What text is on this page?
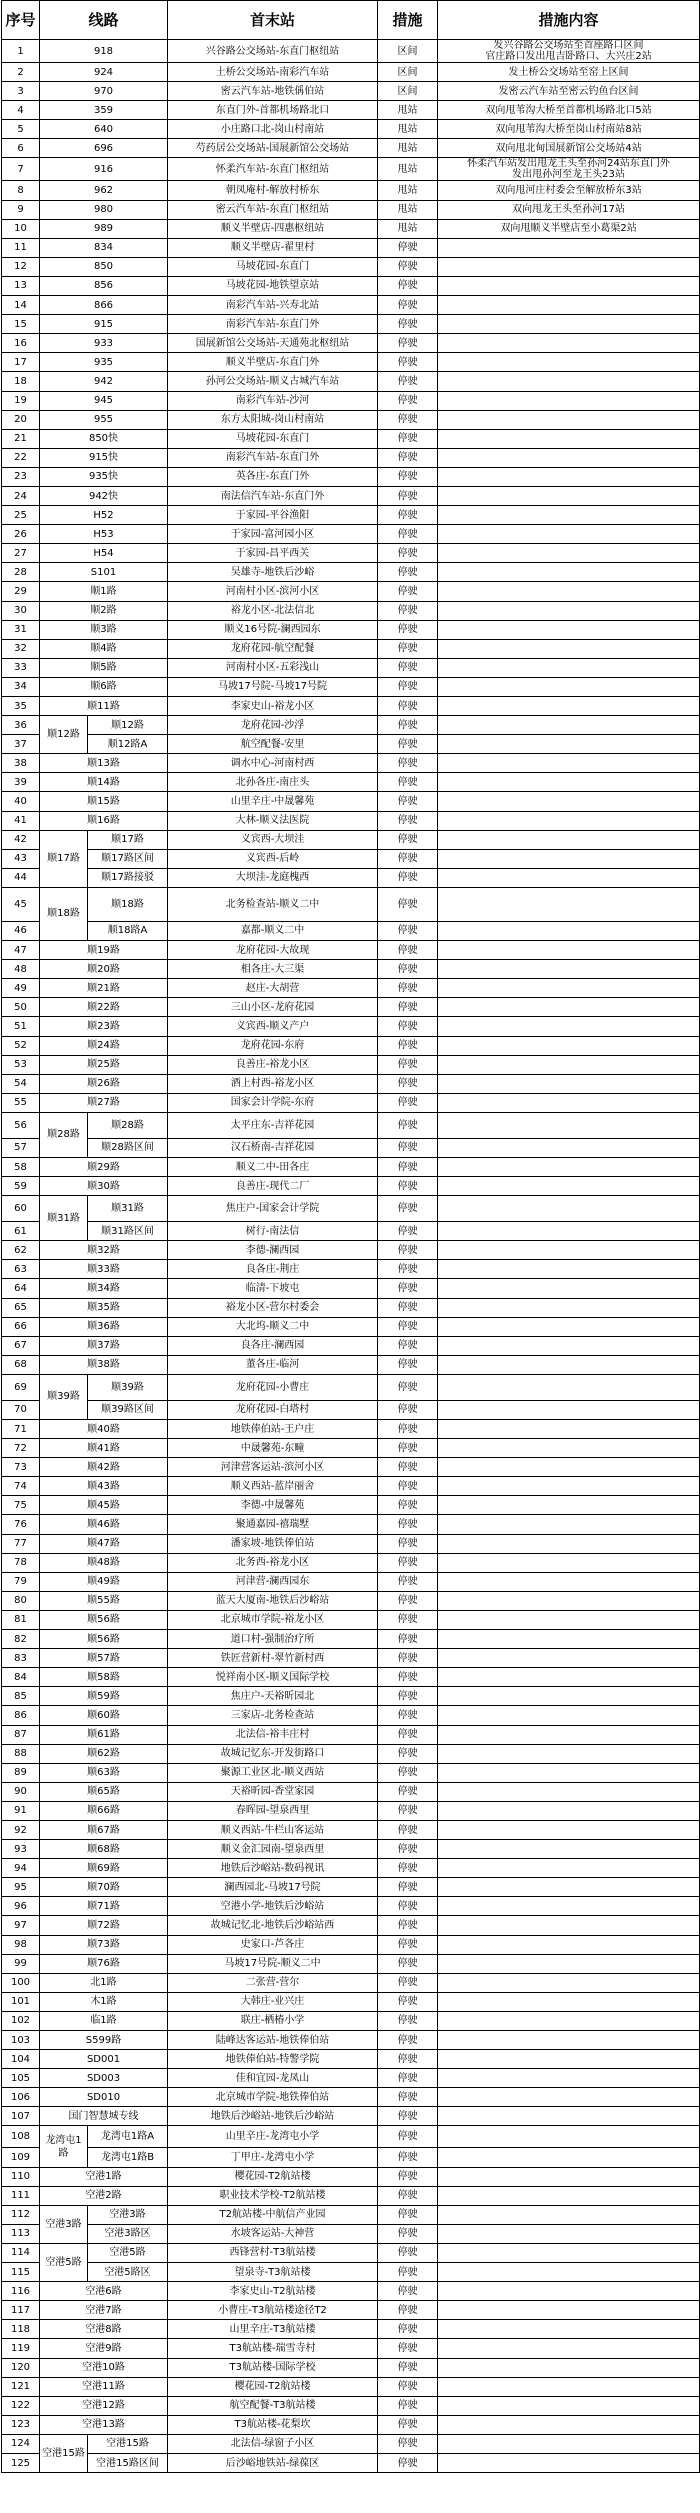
序号	线路		首末站	措施	措施内容
1	918		兴谷路公交场站-东直门枢纽站	区间	发兴谷路公交场站至首座路口区间
官庄路口发出甩吉卧路口、大兴庄2站
2	924		土桥公交场站-南彩汽车站	区间	发土桥公交场站至窑上区间
3	970		密云汽车站-地铁偁伯站	区间	发密云汽车站至密云钓鱼台区间
4	359		东直门外-首都机场路北口	甩站	双向甩苇沟大桥至首都机场路北口5站
5	640		小庄路口北-岗山村南站	甩站	双向甩苇沟大桥至岗山村南站8站
6	696		芍药居公交场站-国展新馆公交场站	甩站	双向甩北甸国展新馆公交场站4站
7	916		怀柔汽车站-东直门枢纽站	甩站	怀柔汽车站发出甩龙王头至孙河24站东直门外
发出甩孙河至龙王头23站
8	962		朝凤庵村-解放村桥东	甩站	双向甩河庄村委会至解放桥东3站
9	980		密云汽车站-东直门枢纽站	甩站	双向甩龙王头至孙河17站
10	989		顺义半壁店-四惠枢纽站	甩站	双向甩顺义半壁店至小葛渠2站
11	834		顺义半壁店-翟里村	停驶	
12	850		马坡花园-东直门	停驶	
13	856		马坡花园-地铁望京站	停驶	
14	866		南彩汽车站-兴寿北站	停驶	
15	915		南彩汽车站-东直门外	停驶	
16	933		国展新馆公交场站-天通苑北枢纽站	停驶	
17	935		顺义半壁店-东直门外	停驶	
18	942		孙河公交场站-顺义古城汽车站	停驶	
19	945		南彩汽车站-沙河	停驶	
20	955		东方太阳城-岗山村南站	停驶	
21	850快		马坡花园-东直门	停驶	
22	915快		南彩汽车站-东直门外	停驶	
23	935快		英各庄-东直门外	停驶	
24	942快		南法信汽车站-东直门外	停驶	
25	H52		于家园-平谷渔阳	停驶	
26	H53		于家园-富河园小区	停驶	
27	H54		于家园-昌平西关	停驶	
28	S101		吴雄寺-地铁后沙峪	停驶	
29	顺1路		河南村小区-滨河小区	停驶	
30	顺2路		裕龙小区-北法信北	停驶	
31	顺3路		顺义16号院-澜西园东	停驶	
32	顺4路		龙府花园-航空配餐	停驶	
33	顺5路		河南村小区-五彩浅山	停驶	
34	顺6路		马坡17号院-马坡17号院	停驶	
35	顺11路		李家史山-裕龙小区	停驶	
36	顺12路	顺12路	龙府花园-沙浮	停驶	
37		顺12路A	航空配餐-安里	停驶	
38	顺13路		调水中心-河南村西	停驶	
39	顺14路		北孙各庄-南庄头	停驶	
40	顺15路		山里辛庄-中晟馨苑	停驶	
41	顺16路		大林-顺义法医院	停驶	
42	顺17路	顺17路	义宾西-大坝洼	停驶	
43		顺17路区间	义宾西-后岭	停驶	
44		顺17路接驳	大坝洼-龙庭槐西	停驶	
45	顺18路	顺18路	北务检查站-顺义二中	停驶	
46		顺18路A	嘉都-顺义二中	停驶	
47	顺19路		龙府花园-大故现	停驶	
48	顺20路		相各庄-大三渠	停驶	
49	顺21路		赵庄-大胡营	停驶	
50	顺22路		三山小区-龙府花园	停驶	
51	顺23路		义宾西-顺义产户	停驶	
52	顺24路		龙府花园-东府	停驶	
53	顺25路		良善庄-裕龙小区	停驶	
54	顺26路		酒上村西-裕龙小区	停驶	
55	顺27路		国家会计学院-东府	停驶	
56	顺28路	顺28路	太平庄东-吉祥花园	停驶	
57		顺28路区间	汉石桥南-吉祥花园	停驶	
58	顺29路		顺义二中-田各庄	停驶	
59	顺30路		良善庄-现代二厂	停驶	
60	顺31路	顺31路	焦庄户-国家会计学院	停驶	
61		顺31路区间	树行-南法信	停驶	
62	顺32路		李德-澜西园	停驶	
63	顺33路		良各庄-荆庄	停驶	
64	顺34路		临清-下坡屯	停驶	
65	顺35路		裕龙小区-营尔村委会	停驶	
66	顺36路		大北坞-顺义二中	停驶	
67	顺37路		良各庄-澜西园	停驶	
68	顺38路		董各庄-临河	停驶	
69	顺39路	顺39路	龙府花园-小曹庄	停驶	
70		顺39路区间	龙府花园-白塔村	停驶	
71	顺40路		地铁俸伯站-王户庄	停驶	
72	顺41路		中晟馨苑-东疃	停驶	
73	顺42路		河津营客运站-滨河小区	停驶	
74	顺43路		顺义西站-蓝岸丽舍	停驶	
75	顺45路		李德-中晟馨苑	停驶	
76	顺46路		聚通嘉园-禧瑞墅	停驶	
77	顺47路		潘家坡-地铁俸伯站	停驶	
78	顺48路		北务西-裕龙小区	停驶	
79	顺49路		河津营-澜西园东	停驶	
80	顺55路		蓝天大厦南-地铁后沙峪站	停驶	
81	顺56路		北京城市学院-裕龙小区	停驶	
82	顺56路		道口村-强制治疗所	停驶	
83	顺57路		铁匠营新村-翠竹新村西	停驶	
84	顺58路		悦祥南小区-顺义国际学校	停驶	
85	顺59路		焦庄户-天裕昕园北	停驶	
86	顺60路		三家店-北务检查站	停驶	
87	顺61路		北法信-裕丰庄村	停驶	
88	顺62路		故城记忆东-开发街路口	停驶	
89	顺63路		聚源工业区北-顺义西站	停驶	
90	顺65路		天裕昕园-香堂家园	停驶	
91	顺66路		春晖园-望泉西里	停驶	
92	顺67路		顺义西站-牛栏山客运站	停驶	
93	顺68路		顺义金汇园南-望泉西里	停驶	
94	顺69路		地铁后沙峪站-数码视讯	停驶	
95	顺70路		澜西园北-马坡17号院	停驶	
96	顺71路		空港小学-地铁后沙峪站	停驶	
97	顺72路		故城记忆北-地铁后沙峪站西	停驶	
98	顺73路		史家口-芦各庄	停驶	
99	顺76路		马坡17号院-顺义二中	停驶	
100	北1路		二张营-营尔	停驶	
101	木1路		大韩庄-业兴庄	停驶	
102	临1路		联庄-栖椿小学	停驶	
103	S599路		陆峰达客运站-地铁俸伯站	停驶	
104	SD001		地铁俸伯站-特警学院	停驶	
105	SD003		佳和宜园-龙凤山	停驶	
106	SD010		北京城市学院-地铁俸伯站	停驶	
107	国门智慧城专线		地铁后沙峪站-地铁后沙峪站	停驶	
108	龙湾屯1路	龙湾屯1路A	山里辛庄-龙湾屯小学	停驶	
109		龙湾屯1路B	丁甲庄-龙湾屯小学	停驶	
110	空港1路		樱花园-T2航站楼	停驶	
111	空港2路		职业技术学校-T2航站楼	停驶	
112	空港3路	空港3路	T2航站楼-中航信产业园	停驶	
113		空港3路区	水坡客运站-大神营	停驶	
114	空港5路	空港5路	西锋营村-T3航站楼	停驶	
115		空港5路区	望泉寺-T3航站楼	停驶	
116	空港6路		李家史山-T2航站楼	停驶	
117	空港7路		小曹庄-T3航站楼途径T2	停驶	
118	空港8路		山里辛庄-T3航站楼	停驶	
119	空港9路		T3航站楼-瑞雪寺村	停驶	
120	空港10路		T3航站楼-国际学校	停驶	
121	空港11路		樱花园-T2航站楼	停驶	
122	空港12路		航空配餐-T3航站楼	停驶	
123	空港13路		T3航站楼-花梨坎	停驶	
124	空港15路	空港15路	北法信-绿窗子小区	停驶	
125		空港15路区间	后沙峪地铁站-绿葆区	停驶	
